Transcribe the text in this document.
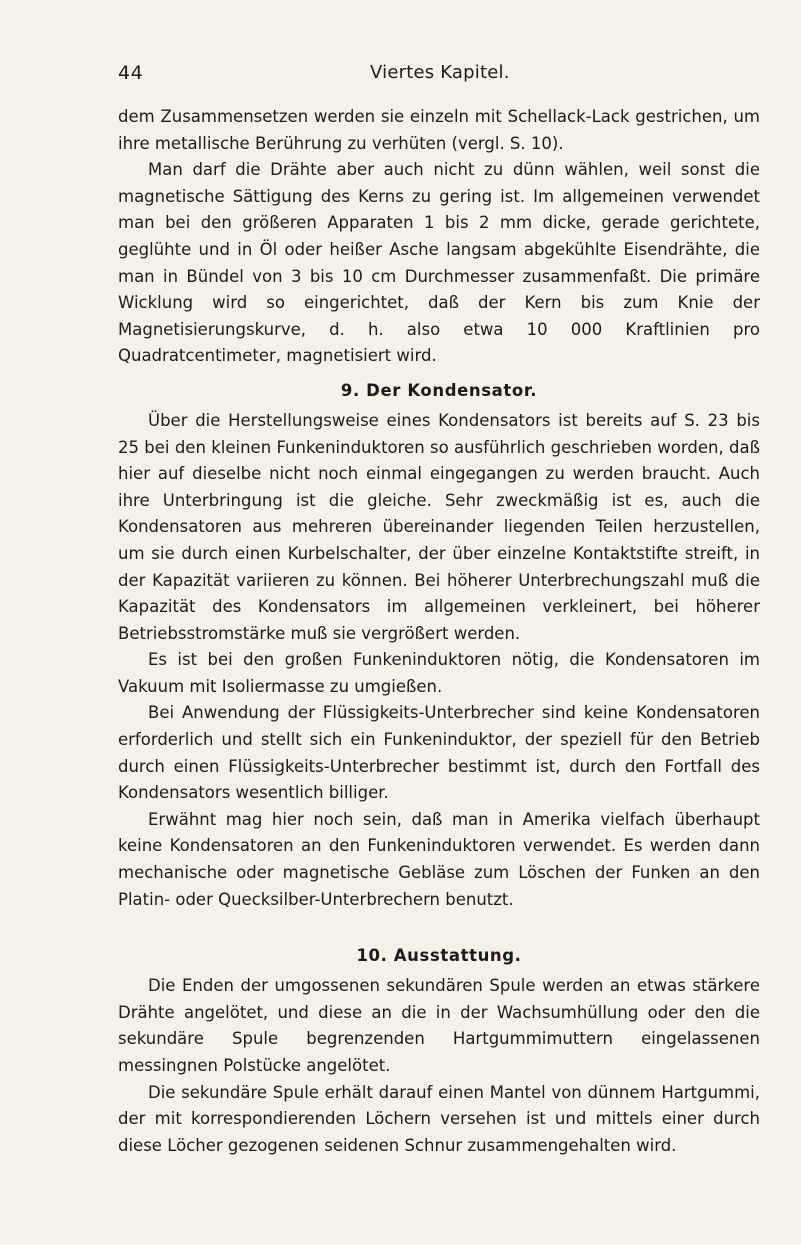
44	Viertes Kapitel.

dem Zusammensetzen werden sie einzeln mit Schellack-Lack gestrichen, um ihre metallische Berührung zu verhüten (vergl. S. 10).

Man darf die Drähte aber auch nicht zu dünn wählen, weil sonst die magnetische Sättigung des Kerns zu gering ist. Im allgemeinen verwendet man bei den größeren Apparaten 1 bis 2 mm dicke, gerade gerichtete, geglühte und in Öl oder heißer Asche langsam abgekühlte Eisendrähte, die man in Bündel von 3 bis 10 cm Durchmesser zusammenfaßt. Die primäre Wicklung wird so eingerichtet, daß der Kern bis zum Knie der Magnetisierungskurve, d. h. also etwa 10 000 Kraftlinien pro Quadratcentimeter, magnetisiert wird.

9. Der Kondensator.

Über die Herstellungsweise eines Kondensators ist bereits auf S. 23 bis 25 bei den kleinen Funkeninduktoren so ausführlich geschrieben worden, daß hier auf dieselbe nicht noch einmal eingegangen zu werden braucht. Auch ihre Unterbringung ist die gleiche. Sehr zweckmäßig ist es, auch die Kondensatoren aus mehreren übereinander liegenden Teilen herzustellen, um sie durch einen Kurbelschalter, der über einzelne Kontaktstifte streift, in der Kapazität variieren zu können. Bei höherer Unterbrechungszahl muß die Kapazität des Kondensators im allgemeinen verkleinert, bei höherer Betriebsstromstärke muß sie vergrößert werden.

Es ist bei den großen Funkeninduktoren nötig, die Kondensatoren im Vakuum mit Isoliermasse zu umgießen.

Bei Anwendung der Flüssigkeits-Unterbrecher sind keine Kondensatoren erforderlich und stellt sich ein Funkeninduktor, der speziell für den Betrieb durch einen Flüssigkeits-Unterbrecher bestimmt ist, durch den Fortfall des Kondensators wesentlich billiger.

Erwähnt mag hier noch sein, daß man in Amerika vielfach überhaupt keine Kondensatoren an den Funkeninduktoren verwendet. Es werden dann mechanische oder magnetische Gebläse zum Löschen der Funken an den Platin- oder Quecksilber-Unterbrechern benutzt.

10. Ausstattung.

Die Enden der umgossenen sekundären Spule werden an etwas stärkere Drähte angelötet, und diese an die in der Wachsumhüllung oder den die sekundäre Spule begrenzenden Hartgummimuttern eingelassenen messingnen Polstücke angelötet.

Die sekundäre Spule erhält darauf einen Mantel von dünnem Hartgummi, der mit korrespondierenden Löchern versehen ist und mittels einer durch diese Löcher gezogenen seidenen Schnur zusammengehalten wird.
